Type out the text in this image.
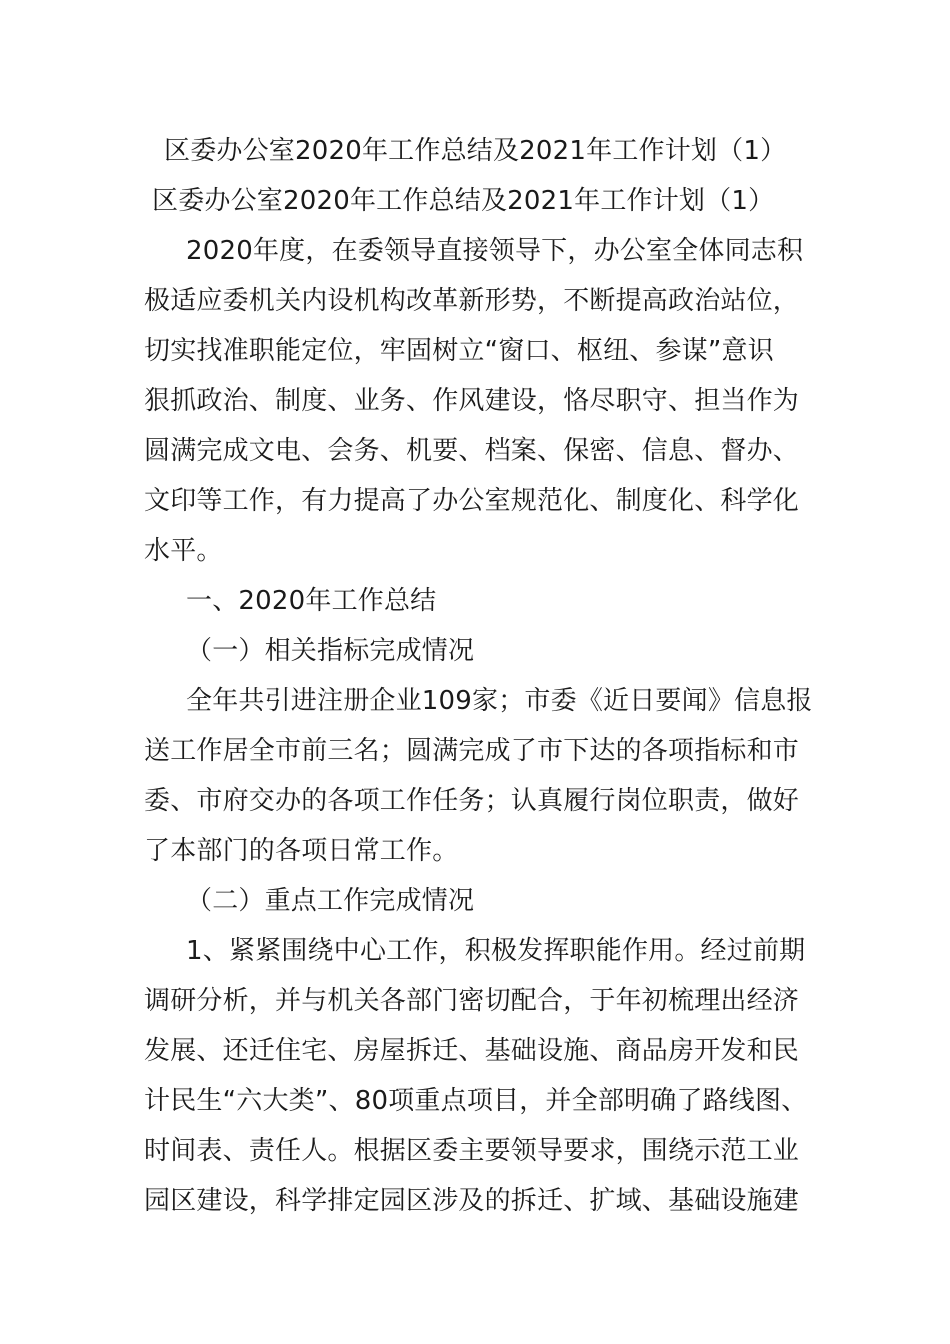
区委办公室2020年工作总结及2021年工作计划（1）
区委办公室2020年工作总结及2021年工作计划（1）
2020年度，在委领导直接领导下，办公室全体同志积
极适应委机关内设机构改革新形势，不断提高政治站位，
切实找准职能定位，牢固树立“窗口、枢纽、参谋”意识
狠抓政治、制度、业务、作风建设，恪尽职守、担当作为
圆满完成文电、会务、机要、档案、保密、信息、督办、
文印等工作，有力提高了办公室规范化、制度化、科学化
水平。
一、2020年工作总结
（一）相关指标完成情况
全年共引进注册企业109家；市委《近日要闻》信息报
送工作居全市前三名；圆满完成了市下达的各项指标和市
委、市府交办的各项工作任务；认真履行岗位职责，做好
了本部门的各项日常工作。
（二）重点工作完成情况
1、紧紧围绕中心工作，积极发挥职能作用。经过前期
调研分析，并与机关各部门密切配合，于年初梳理出经济
发展、还迁住宅、房屋拆迁、基础设施、商品房开发和民
计民生“六大类”、80项重点项目，并全部明确了路线图、
时间表、责任人。根据区委主要领导要求，围绕示范工业
园区建设，科学排定园区涉及的拆迁、扩域、基础设施建
